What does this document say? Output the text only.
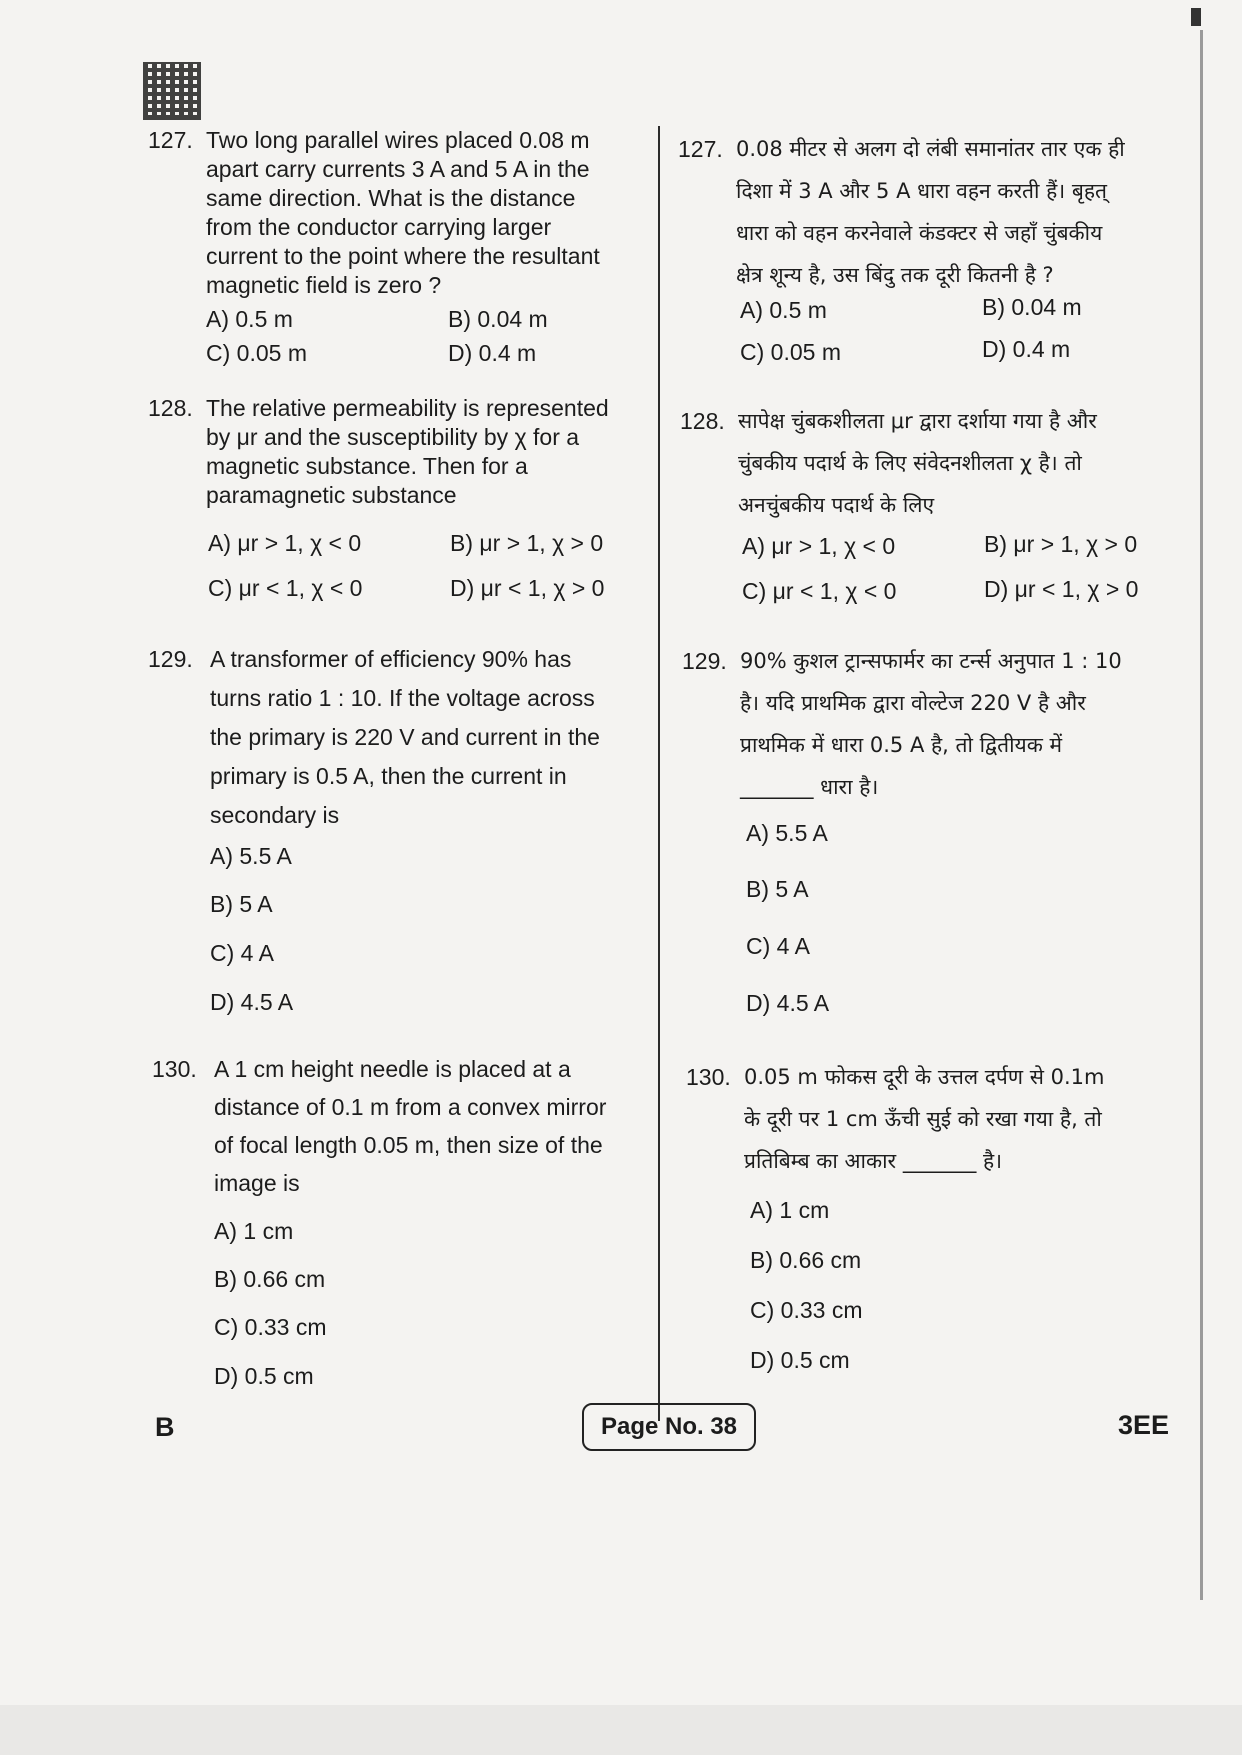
127. Two long parallel wires placed 0.08 m
apart carry currents 3 A and 5 A in the
same direction. What is the distance
from the conductor carrying larger
current to the point where the resultant
magnetic field is zero ?
A) 0.5 m	B) 0.04 m
C) 0.05 m	D) 0.4 m
128. The relative permeability is represented
by μr and the susceptibility by χ for a
magnetic substance. Then for a
paramagnetic substance
A) μr > 1, χ < 0	B) μr > 1, χ > 0
C) μr < 1, χ < 0	D) μr < 1, χ > 0
129. A transformer of efficiency 90% has
turns ratio 1 : 10. If the voltage across
the primary is 220 V and current in the
primary is 0.5 A, then the current in
secondary is
A) 5.5 A
B) 5 A
C) 4 A
D) 4.5 A
130. A 1 cm height needle is placed at a
distance of 0.1 m from a convex mirror
of focal length 0.05 m, then size of the
image is
A) 1 cm
B) 0.66 cm
C) 0.33 cm
D) 0.5 cm
127. 0.08 मीटर से अलग दो लंबी समानांतर तार एक ही
दिशा में 3 A और 5 A धारा वहन करती हैं। बृहत्
धारा को वहन करनेवाले कंडक्टर से जहाँ चुंबकीय
क्षेत्र शून्य है, उस बिंदु तक दूरी कितनी है ?
A) 0.5 m	B) 0.04 m
C) 0.05 m	D) 0.4 m
128. सापेक्ष चुंबकशीलता μr द्वारा दर्शाया गया है और
चुंबकीय पदार्थ के लिए संवेदनशीलता χ है। तो
अनचुंबकीय पदार्थ के लिए
A) μr > 1, χ < 0	B) μr > 1, χ > 0
C) μr < 1, χ < 0	D) μr < 1, χ > 0
129. 90% कुशल ट्रान्सफार्मर का टर्न्स अनुपात 1 : 10
है। यदि प्राथमिक द्वारा वोल्टेज 220 V है और
प्राथमिक में धारा 0.5 A है, तो द्वितीयक में
_______ धारा है।
A) 5.5 A
B) 5 A
C) 4 A
D) 4.5 A
130. 0.05 m फोकस दूरी के उत्तल दर्पण से 0.1m
के दूरी पर 1 cm ऊँची सुई को रखा गया है, तो
प्रतिबिम्ब का आकार _______ है।
A) 1 cm
B) 0.66 cm
C) 0.33 cm
D) 0.5 cm
B	Page No. 38	3EE
